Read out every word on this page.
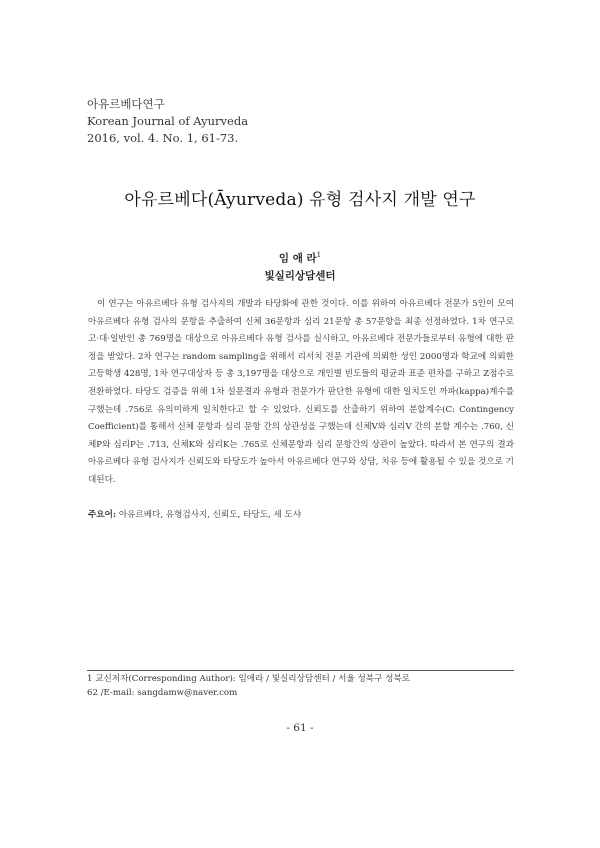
아유르베다연구
Korean Journal of Ayurveda
2016, vol. 4. No. 1, 61-73.
아유르베다(Āyurveda) 유형 검사지 개발 연구
임 애 라$^1$
빛실리상담센터

이 연구는 아유르베다 유형 검사지의 개발과 타당화에 관한 것이다. 이를 위하여 아유르베다 전문가 5인이 모여 아유르베다 유형 검사의 문항을 추출하여 신체 36문항과 심리 21문항 총 57문항을 최종 선정하였다. 1차 연구로 고·대·일반인 총 769명을 대상으로 아유르베다 유형 검사를 실시하고, 아유르베다 전문가들로부터 유형에 대한 판정을 받았다. 2차 연구는 random sampling을 위해서 리서치 전문 기관에 의뢰한 성인 2000명과 학교에 의뢰한 고등학생 428명, 1차 연구대상자 등 총 3,197명을 대상으로 개인별 빈도들의 평균과 표준 편차를 구하고 Z점수로 전환하였다. 타당도 검증을 위해 1차 설문결과 유형과 전문가가 판단한 유형에 대한 일치도인 까파(kappa)계수를 구했는데 .756로 유의미하게 일치한다고 할 수 있었다. 신뢰도를 산출하기 위하여 분할계수(C: Contingency Coefficient)를 통해서 신체 문항과 심리 문항 간의 상관성을 구했는데 신체V와 심리V 간의 분할 계수는 .760, 신체P와 심리P는 .713, 신체K와 심리K는 .765로 신체문항과 심리 문항간의 상관이 높았다. 따라서 본 연구의 결과 아유르베다 유형 검사지가 신뢰도와 타당도가 높아서 아유르베다 연구와 상담, 치유 등에 활용될 수 있을 것으로 기대된다.

주요어: 아유르베다, 유형검사지, 신뢰도, 타당도, 세 도샤
1 교신저자(Corresponding Author): 임애라 / 빛실리상담센터 / 서울 성북구 성북로
62 /E-mail: sangdamw@naver.com
- 61 -
